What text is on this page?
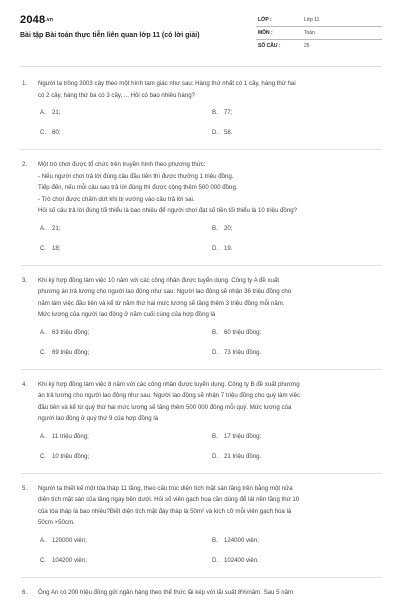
2048.vn
Bài tập Bài toán thực tiễn liên quan lớp 11 (có lời giải)
LỚP :	Lớp 11
MÔN :	Toán
SỐ CÂU :	25
1. Người ta trồng 3003 cây theo một hình tam giác như sau: Hàng thứ nhất có 1 cây, hàng thứ hai
có 2 cây, hàng thứ ba có 3 cây, ... Hỏi có bao nhiêu hàng?
A. 21;	B. 77;
C. 60;	D. 58.
2. Một trò chơi được tổ chức trên truyền hình theo phương thức:
- Nếu người chơi trả lời đúng câu đầu tiên thì được thưởng 1 triệu đồng.
Tiếp đến, nếu mỗi câu sau trả lời đúng thì được cộng thêm 500 000 đồng.
- Trò chơi được chấm dứt khi bị vướng vào câu trả lời sai.
Hỏi số câu trả lời đúng tối thiểu là bao nhiêu để người chơi đạt số tiền tối thiểu là 10 triệu đồng?
A. 21;	B. 20;
C. 18;	D. 19.
3. Khi ký hợp đồng làm việc 10 năm với các công nhân được tuyển dụng. Công ty A đề xuất
phương án trả lương cho người lao động như sau: Người lao động sẽ nhận 36 triệu đồng cho
năm làm việc đầu tiên và kể từ năm thứ hai mức lương sẽ tăng thêm 3 triệu đồng mỗi năm.
Mức lương của người lao động ở năm cuối cùng của hợp đồng là
A. 63 triệu đồng;	B. 60 triệu đồng;
C. 69 triệu đồng;	D. 73 triệu đồng.
4. Khi ký hợp đồng làm việc 8 năm với các công nhân được tuyển dụng. Công ty B đề xuất phương
án trả lương cho người lao động như sau: Người lao động sẽ nhận 7 triệu đồng cho quý làm việc
đầu tiên và kể từ quý thứ hai mức lương sẽ tăng thêm 500 000 đồng mỗi quý. Mức lương của
người lao động ở quý thứ 9 của hợp đồng là
A. 11 triệu đồng;	B. 17 triệu đồng;
C. 10 triệu đồng;	D. 21 triệu đồng.
5. Người ta thiết kế một tòa tháp 11 tầng, theo cấu trúc diện tích mặt sàn tầng trên bằng một nửa
diện tích mặt sàn của tầng ngay bên dưới. Hỏi số viên gạch hoa cần dùng để lát nền tầng thứ 10
của tòa tháp là bao nhiêu?Biết diện tích mặt đáy tháp là 50m² và kích cỡ mỗi viên gạch hoa là
50cm ×50cm.
A. 120000 viên;	B. 124000 viên;
C. 104200 viên;	D. 102400 viên.
6. Ông An có 200 triệu đồng gửi ngân hàng theo thể thức lãi kép với lãi suất 8%/năm. Sau 5 năm
